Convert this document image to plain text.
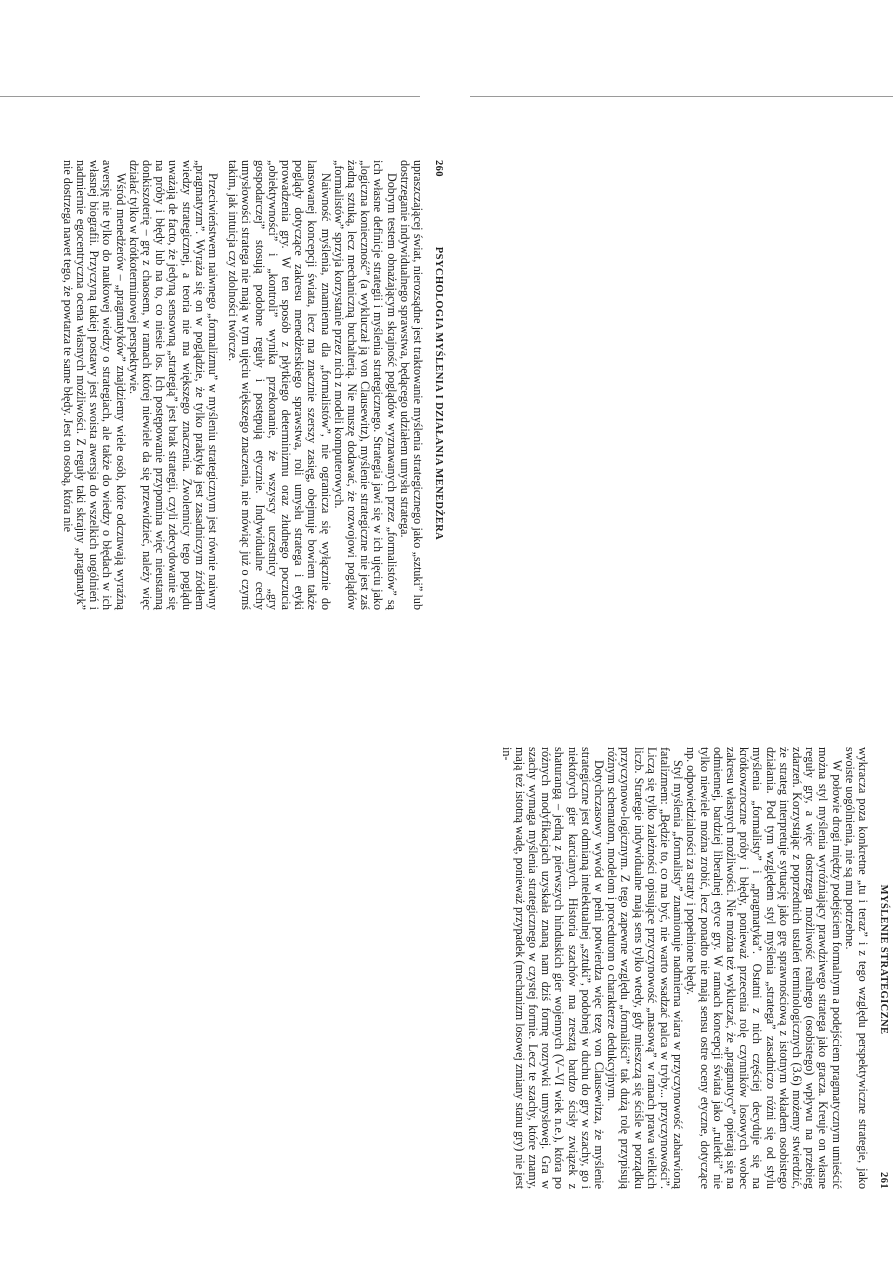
260
PSYCHOLOGIA MYŚLENIA I DZIAŁANIA MENEDŻERA

upraszczającej świat, nierozsądne jest traktowanie myślenia strategicznego jako „sztuki” lub dostrzeganie indywidualnego sprawstwa, będącego udziałem umysłu stratega.

Dobrym testem obnażającym skrajność poglądów wyznawanych przez „formalistów” są ich własne definicje strategii i myślenia strategicznego. Strategia jawi się w ich ujęciu jako „logiczna konieczność” (a wykluczał ją von Clausewitz), myślenie strategiczne nie jest zaś żadną sztuką, lecz mechaniczną buchalterią. Nie muszę dodawać, że rozwojowi poglądów „formalistów” sprzyja korzystanie przez nich z modeli komputerowych.

Naiwność myślenia, znamienna dla „formalistów”, nie ogranicza się wyłącznie do lansowanej koncepcji świata, lecz ma znacznie szerszy zasięg, obejmuje bowiem także poglądy dotyczące zakresu menedżerskiego sprawstwa, roli umysłu stratega i etyki prowadzenia gry. W ten sposób z płytkiego determinizmu oraz złudnego poczucia „obiektywności” i „kontroli” wynika przekonanie, że wszyscy uczestnicy „gry gospodarczej” stosują podobne reguły i postępują etycznie. Indywidualne cechy umysłowości stratega nie mają w tym ujęciu większego znaczenia, nie mówiąc już o czymś takim, jak intuicja czy zdolności twórcze.

Przeciwieństwem naiwnego „formalizmu” w myśleniu strategicznym jest równie naiwny „pragmatyzm”. Wyraża się on w poglądzie, że tylko praktyka jest zasadniczym źródłem wiedzy strategicznej, a teoria nie ma większego znaczenia. Zwolennicy tego poglądu uważają de facto, że jedyną sensowną „strategią” jest brak strategii, czyli zdecydowanie się na próby i błędy lub na to, co niesie los. Ich postępowanie przypomina więc nieustanną donkiszoterię – grę z chaosem, w ramach której niewiele da się przewidzieć, należy więc działać tylko w krótkoterminowej perspektywie.

Wśród menedżerów – „pragmatyków” znajdziemy wiele osób, które odczuwają wyraźną awersję nie tylko do naukowej wiedzy o strategiach, ale także do wiedzy o błędach w ich własnej biografii. Przyczyną takiej postawy jest swoista awersja do wszelkich uogólnień i nadmiernie egocentryczna ocena własnych możliwości. Z reguły taki skrajny „pragmatyk” nie dostrzega nawet tego, że powtarza te same błędy. Jest on osobą, która nie

MYŚLENIE STRATEGICZNE
261

wykracza poza konkretne „tu i teraz” i z tego względu perspektywiczne strategie, jako swoiste uogólnienia, nie są mu potrzebne.

W połowie drogi między podejściem formalnym a podejściem pragmatycznym umieścić można styl myślenia wyróżniający prawdziwego stratega jako gracza. Kreuje on własne reguły gry, a więc dostrzega możliwość realnego (osobistego) wpływu na przebieg zdarzeń. Korzystając z poprzednich ustaleń terminologicznych (3.6) możemy stwierdzić, że strateg interpretuje sytuację jako grę sprawnościową z istotnym wkładem osobistego działania. Pod tym względem styl myślenia „stratega” zasadniczo różni się od stylu myślenia „formalisty” i „pragmatyka”. Ostatni z nich częściej decyduje się na krótkowzroczne próby i błędy, ponieważ przecenia rolę czynników losowych wobec zakresu własnych możliwości. Nie można też wykluczać, że „pragmatycy” opierają się na odmiennej, bardziej liberalnej etyce gry. W ramach koncepcji świata jako „ruletki” nie tylko niewiele można zrobić, lecz ponadto nie mają sensu ostre oceny etyczne, dotyczące np. odpowiedzialności za straty i popełnione błędy.

Styl myślenia „formalisty” znamionuje nadmierna wiara w przyczynowość zabarwioną fatalizmem: „Będzie to, co ma być, nie warto wsadzać palca w tryby... przyczynowości”. Liczą się tylko zależności opisujące przyczynowość „masową” w ramach prawa wielkich liczb. Strategie indywidualne mają sens tylko wtedy, gdy mieszczą się ściśle w porządku przyczynowo-logicznym. Z tego zapewne względu „formaliści” tak dużą rolę przypisują różnym schematom, modelom i procedurom o charakterze dedukcyjnym.

Dotychczasowy wywód w pełni potwierdza więc tezę von Clausewitza, że myślenie strategiczne jest odmianą intelektualnej „sztuki”, podobnej w duchu do gry w szachy, go i niektórych gier karcianych. Historia szachów ma zresztą bardzo ścisły związek z shaturangą – jedną z pierwszych hinduskich gier wojennych (V–VI wiek n.e.), która po różnych modyfikacjach uzyskała znaną nam dziś formę rozrywki umysłowej. Gra w szachy wymaga myślenia strategicznego w czystej formie. Lecz te szachy, które znamy, mają też istotną wadę, ponieważ przypadek (mechanizm losowej zmiany stanu gry) nie jest in-
